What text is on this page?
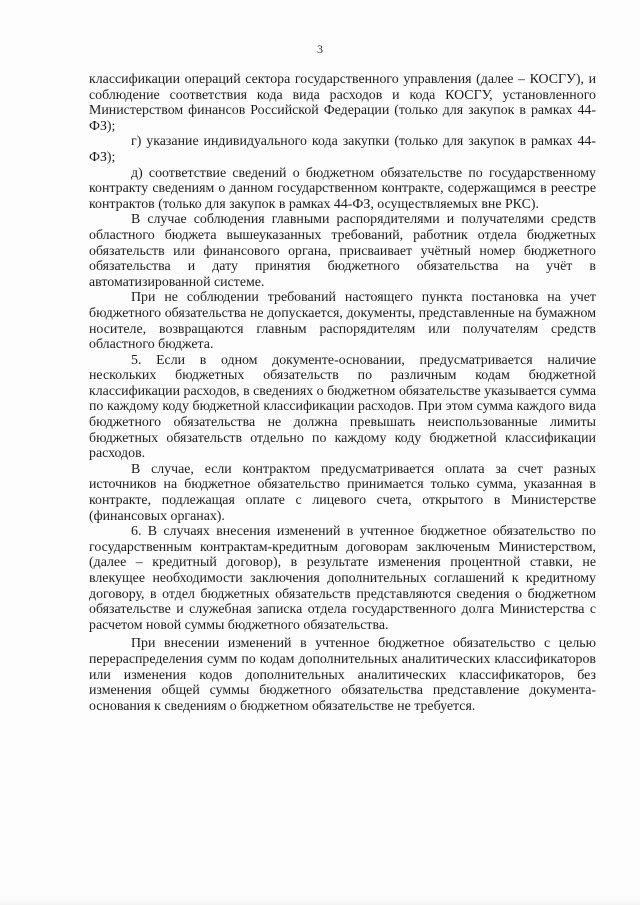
3

классификации операций сектора государственного управления (далее – КОСГУ), и соблюдение соответствия кода вида расходов и кода КОСГУ, установленного Министерством финансов Российской Федерации (только для закупок в рамках 44-ФЗ);

г) указание индивидуального кода закупки (только для закупок в рамках 44-ФЗ);

д) соответствие сведений о бюджетном обязательстве по государственному контракту сведениям о данном государственном контракте, содержащимся в реестре контрактов (только для закупок в рамках 44-ФЗ, осуществляемых вне РКС).

В случае соблюдения главными распорядителями и получателями средств областного бюджета вышеуказанных требований, работник отдела бюджетных обязательств или финансового органа, присваивает учётный номер бюджетного обязательства и дату принятия бюджетного обязательства на учёт в автоматизированной системе.

При не соблюдении требований настоящего пункта постановка на учет бюджетного обязательства не допускается, документы, представленные на бумажном носителе, возвращаются главным распорядителям или получателям средств областного бюджета.

5. Если в одном документе-основании, предусматривается наличие нескольких бюджетных обязательств по различным кодам бюджетной классификации расходов, в сведениях о бюджетном обязательстве указывается сумма по каждому коду бюджетной классификации расходов. При этом сумма каждого вида бюджетного обязательства не должна превышать неиспользованные лимиты бюджетных обязательств отдельно по каждому коду бюджетной классификации расходов.

В случае, если контрактом предусматривается оплата за счет разных источников на бюджетное обязательство принимается только сумма, указанная в контракте, подлежащая оплате с лицевого счета, открытого в Министерстве (финансовых органах).

6. В случаях внесения изменений в учтенное бюджетное обязательство по государственным контрактам-кредитным договорам заключеным Министерством, (далее – кредитный договор), в результате изменения процентной ставки, не влекущее необходимости заключения дополнительных соглашений к кредитному договору, в отдел бюджетных обязательств представляются сведения о бюджетном обязательстве и служебная записка отдела государственного долга Министерства с расчетом новой суммы бюджетного обязательства.

При внесении изменений в учтенное бюджетное обязательство с целью перераспределения сумм по кодам дополнительных аналитических классификаторов или изменения кодов дополнительных аналитических классификаторов, без изменения общей суммы бюджетного обязательства представление документа-основания к сведениям о бюджетном обязательстве не требуется.
